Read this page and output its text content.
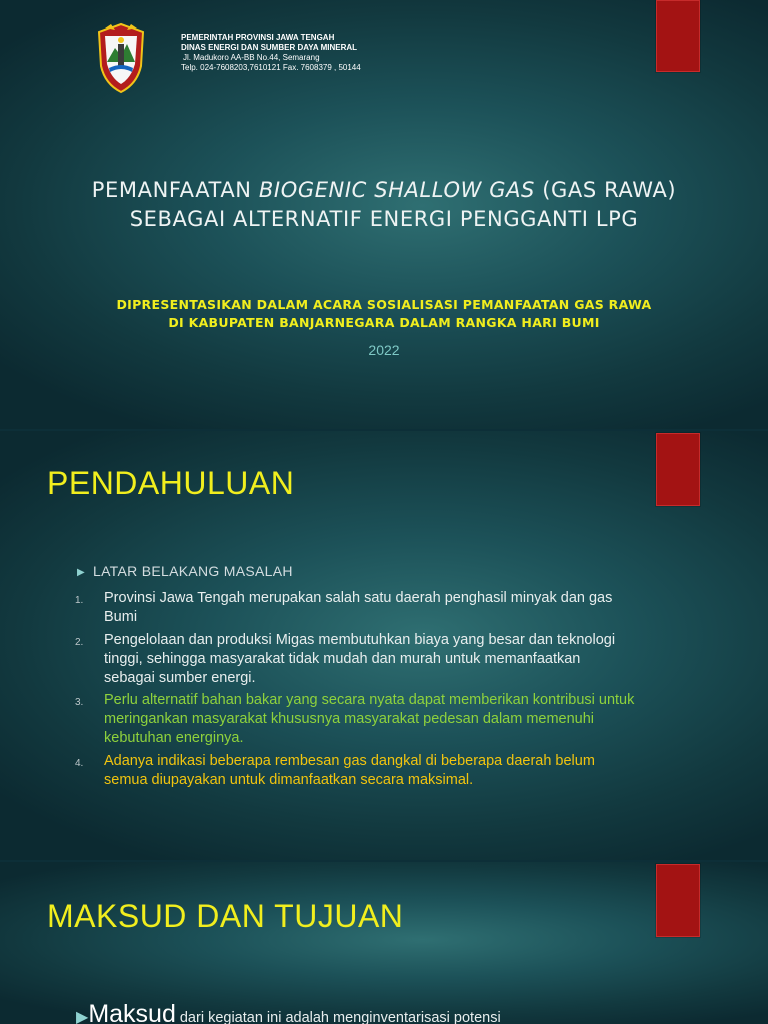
PEMERINTAH PROVINSI JAWA TENGAH
DINAS ENERGI DAN SUMBER DAYA MINERAL
Jl. Madukoro AA-BB No.44, Semarang
Telp. 024-7608203,7610121 Fax. 7608379 , 50144
PEMANFAATAN BIOGENIC SHALLOW GAS (GAS RAWA)
SEBAGAI ALTERNATIF ENERGI PENGGANTI LPG
DIPRESENTASIKAN DALAM ACARA SOSIALISASI PEMANFAATAN GAS RAWA
DI KABUPATEN BANJARNEGARA DALAM RANGKA HARI BUMI
2022
PENDAHULUAN
▶ LATAR BELAKANG MASALAH
1. Provinsi Jawa Tengah merupakan salah satu daerah penghasil minyak dan gas Bumi
2. Pengelolaan dan produksi Migas membutuhkan biaya yang besar dan teknologi tinggi, sehingga masyarakat tidak mudah dan murah untuk memanfaatkan sebagai sumber energi.
3. Perlu alternatif bahan bakar yang secara nyata dapat memberikan kontribusi untuk meringankan masyarakat khususnya masyarakat pedesan dalam memenuhi kebutuhan energinya.
4. Adanya indikasi beberapa rembesan gas dangkal di beberapa daerah belum semua diupayakan untuk dimanfaatkan secara maksimal.
MAKSUD DAN TUJUAN
▶Maksud dari kegiatan ini adalah menginventarisasi potensi
